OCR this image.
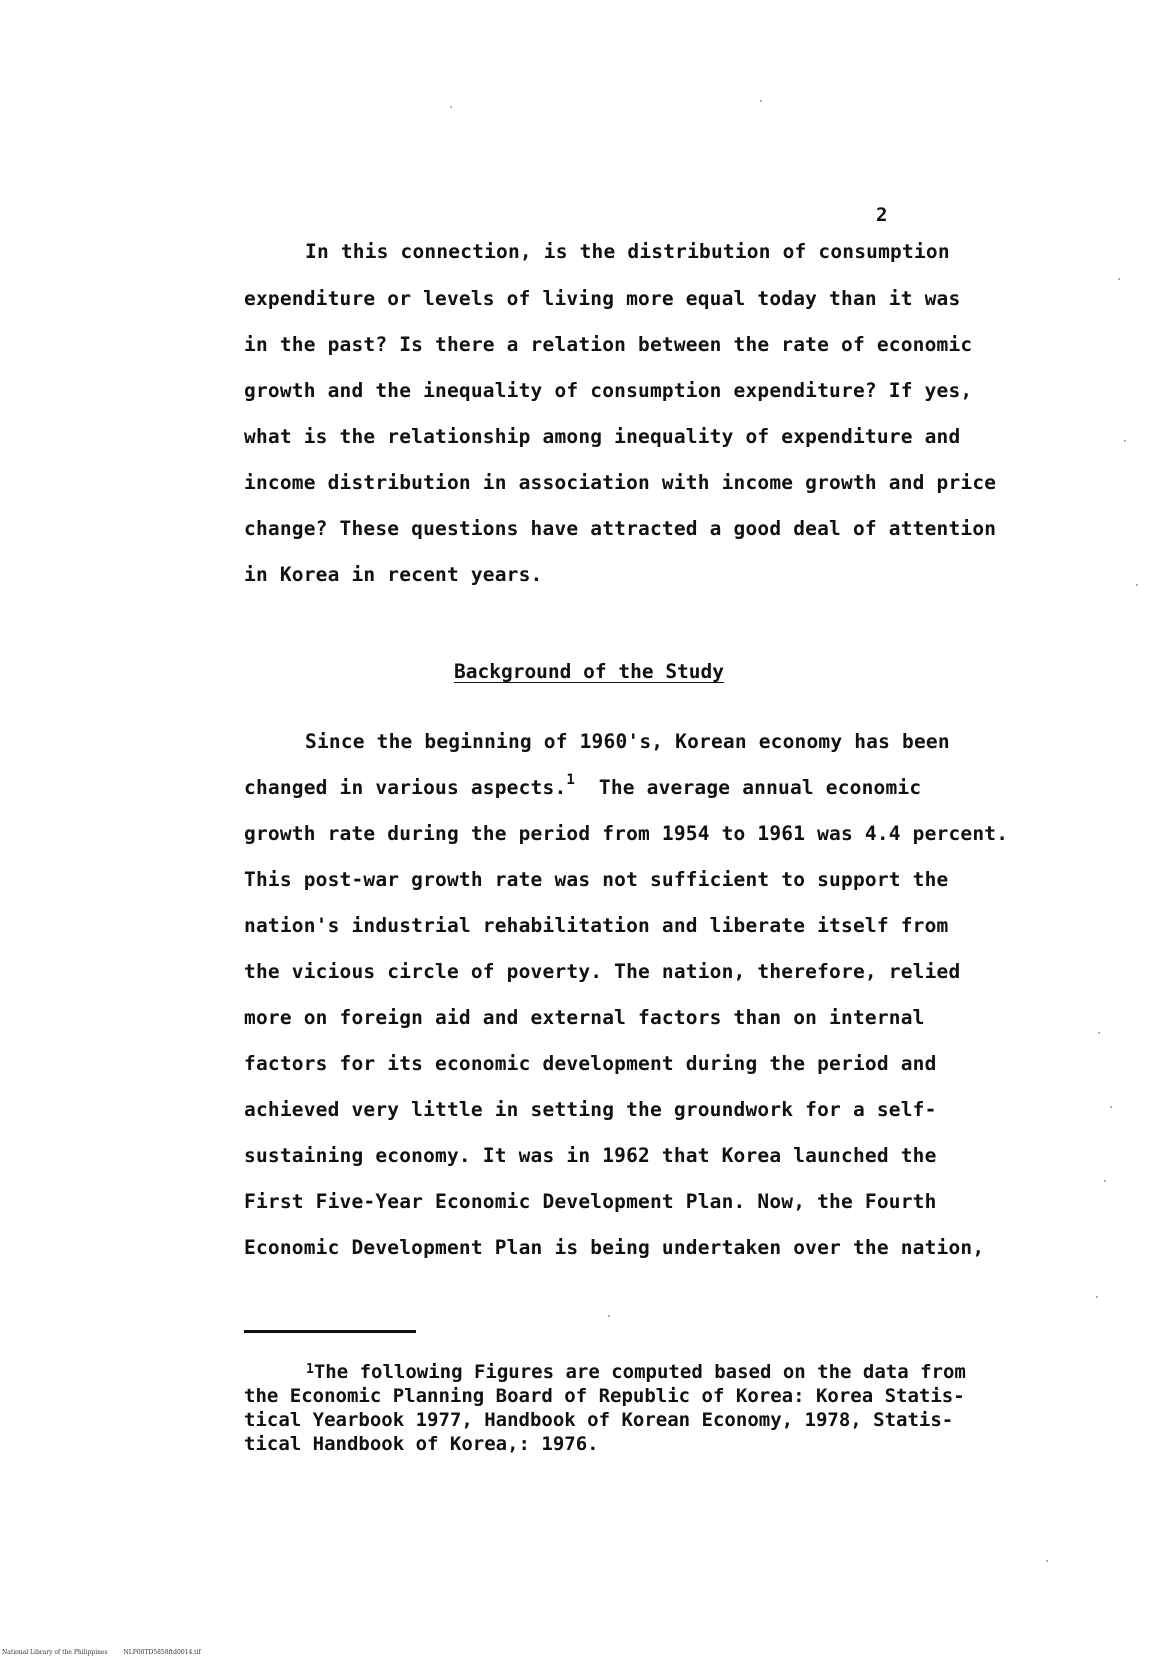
2
In this connection, is the distribution of consumption
expenditure or levels of living more equal today than it was
in the past? Is there a relation between the rate of economic
growth and the inequality of consumption expenditure? If yes,
what is the relationship among inequality of expenditure and
income distribution in association with income growth and price
change? These questions have attracted a good deal of attention
in Korea in recent years.
Background of the Study
Since the beginning of 1960's, Korean economy has been
changed in various aspects.$^1$  The average annual economic
growth rate during the period from 1954 to 1961 was 4.4 percent.
This post-war growth rate was not sufficient to support the
nation's industrial rehabilitation and liberate itself from
the vicious circle of poverty. The nation, therefore, relied
more on foreign aid and external factors than on internal
factors for its economic development during the period and
achieved very little in setting the groundwork for a self-
sustaining economy. It was in 1962 that Korea launched the
First Five-Year Economic Development Plan. Now, the Fourth
Economic Development Plan is being undertaken over the nation,
$^1$The following Figures are computed based on the data from
the Economic Planning Board of Republic of Korea: Korea Statis-
tical Yearbook 1977, Handbook of Korean Economy, 1978, Statis-
tical Handbook of Korea,: 1976.
National Library of the Philippines	NLP00TD5858ftd0014.tif
